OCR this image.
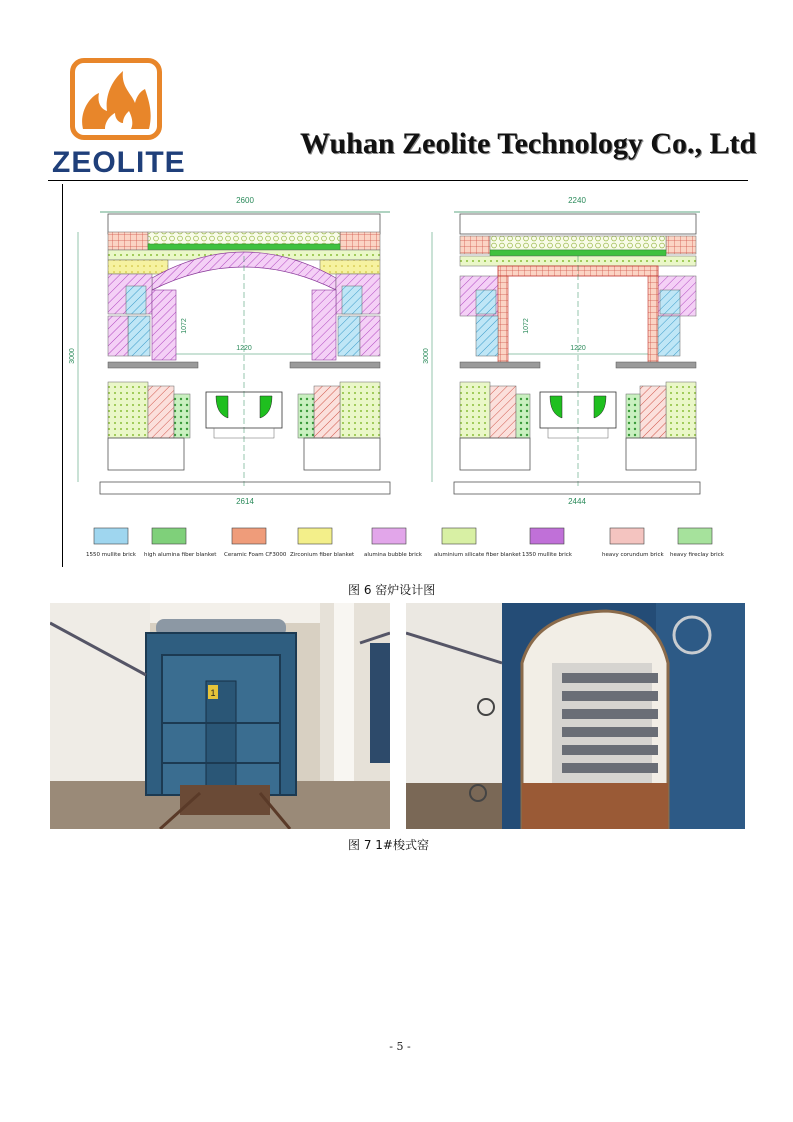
ZEOLITE
Wuhan Zeolite Technology Co., Ltd
2600
1220
2614
3000
1072
2240
1220
2444
3000
1072
1550 mullite brick high alumina fiber blanket Ceramic Foam CF3000 Zirconium fiber blanket alumina bubble brick aluminium silicate fiber blanket 1350 mullite brick	heavy corundum brick heavy fireclay brick
图 6 窑炉设计图
1
图 7 1#梭式窑
- 5 -
